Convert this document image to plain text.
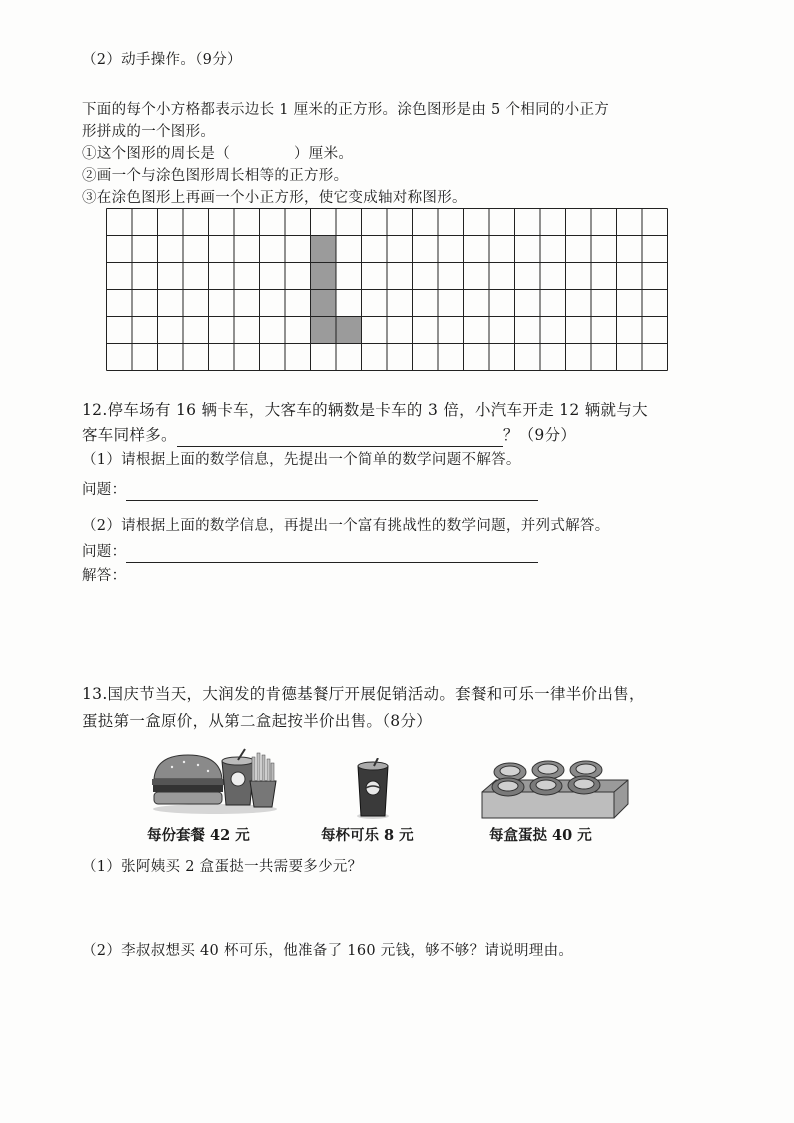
（2）动手操作。（9分）
下面的每个小方格都表示边长 1 厘米的正方形。涂色图形是由 5 个相同的小正方
形拼成的一个图形。
①这个图形的周长是（	）厘米。
②画一个与涂色图形周长相等的正方形。
③在涂色图形上再画一个小正方形，使它变成轴对称图形。
12.停车场有 16 辆卡车，大客车的辆数是卡车的 3 倍，小汽车开走 12 辆就与大
客车同样多。	？（9分）
（1）请根据上面的数学信息，先提出一个简单的数学问题不解答。
问题：
（2）请根据上面的数学信息，再提出一个富有挑战性的数学问题，并列式解答。
问题：
解答：
13.国庆节当天，大润发的肯德基餐厅开展促销活动。套餐和可乐一律半价出售，
蛋挞第一盒原价，从第二盒起按半价出售。（8分）
每份套餐 42 元	每杯可乐 8 元	每盒蛋挞 40 元
（1）张阿姨买 2 盒蛋挞一共需要多少元？
（2）李叔叔想买 40 杯可乐，他准备了 160 元钱，够不够？请说明理由。
